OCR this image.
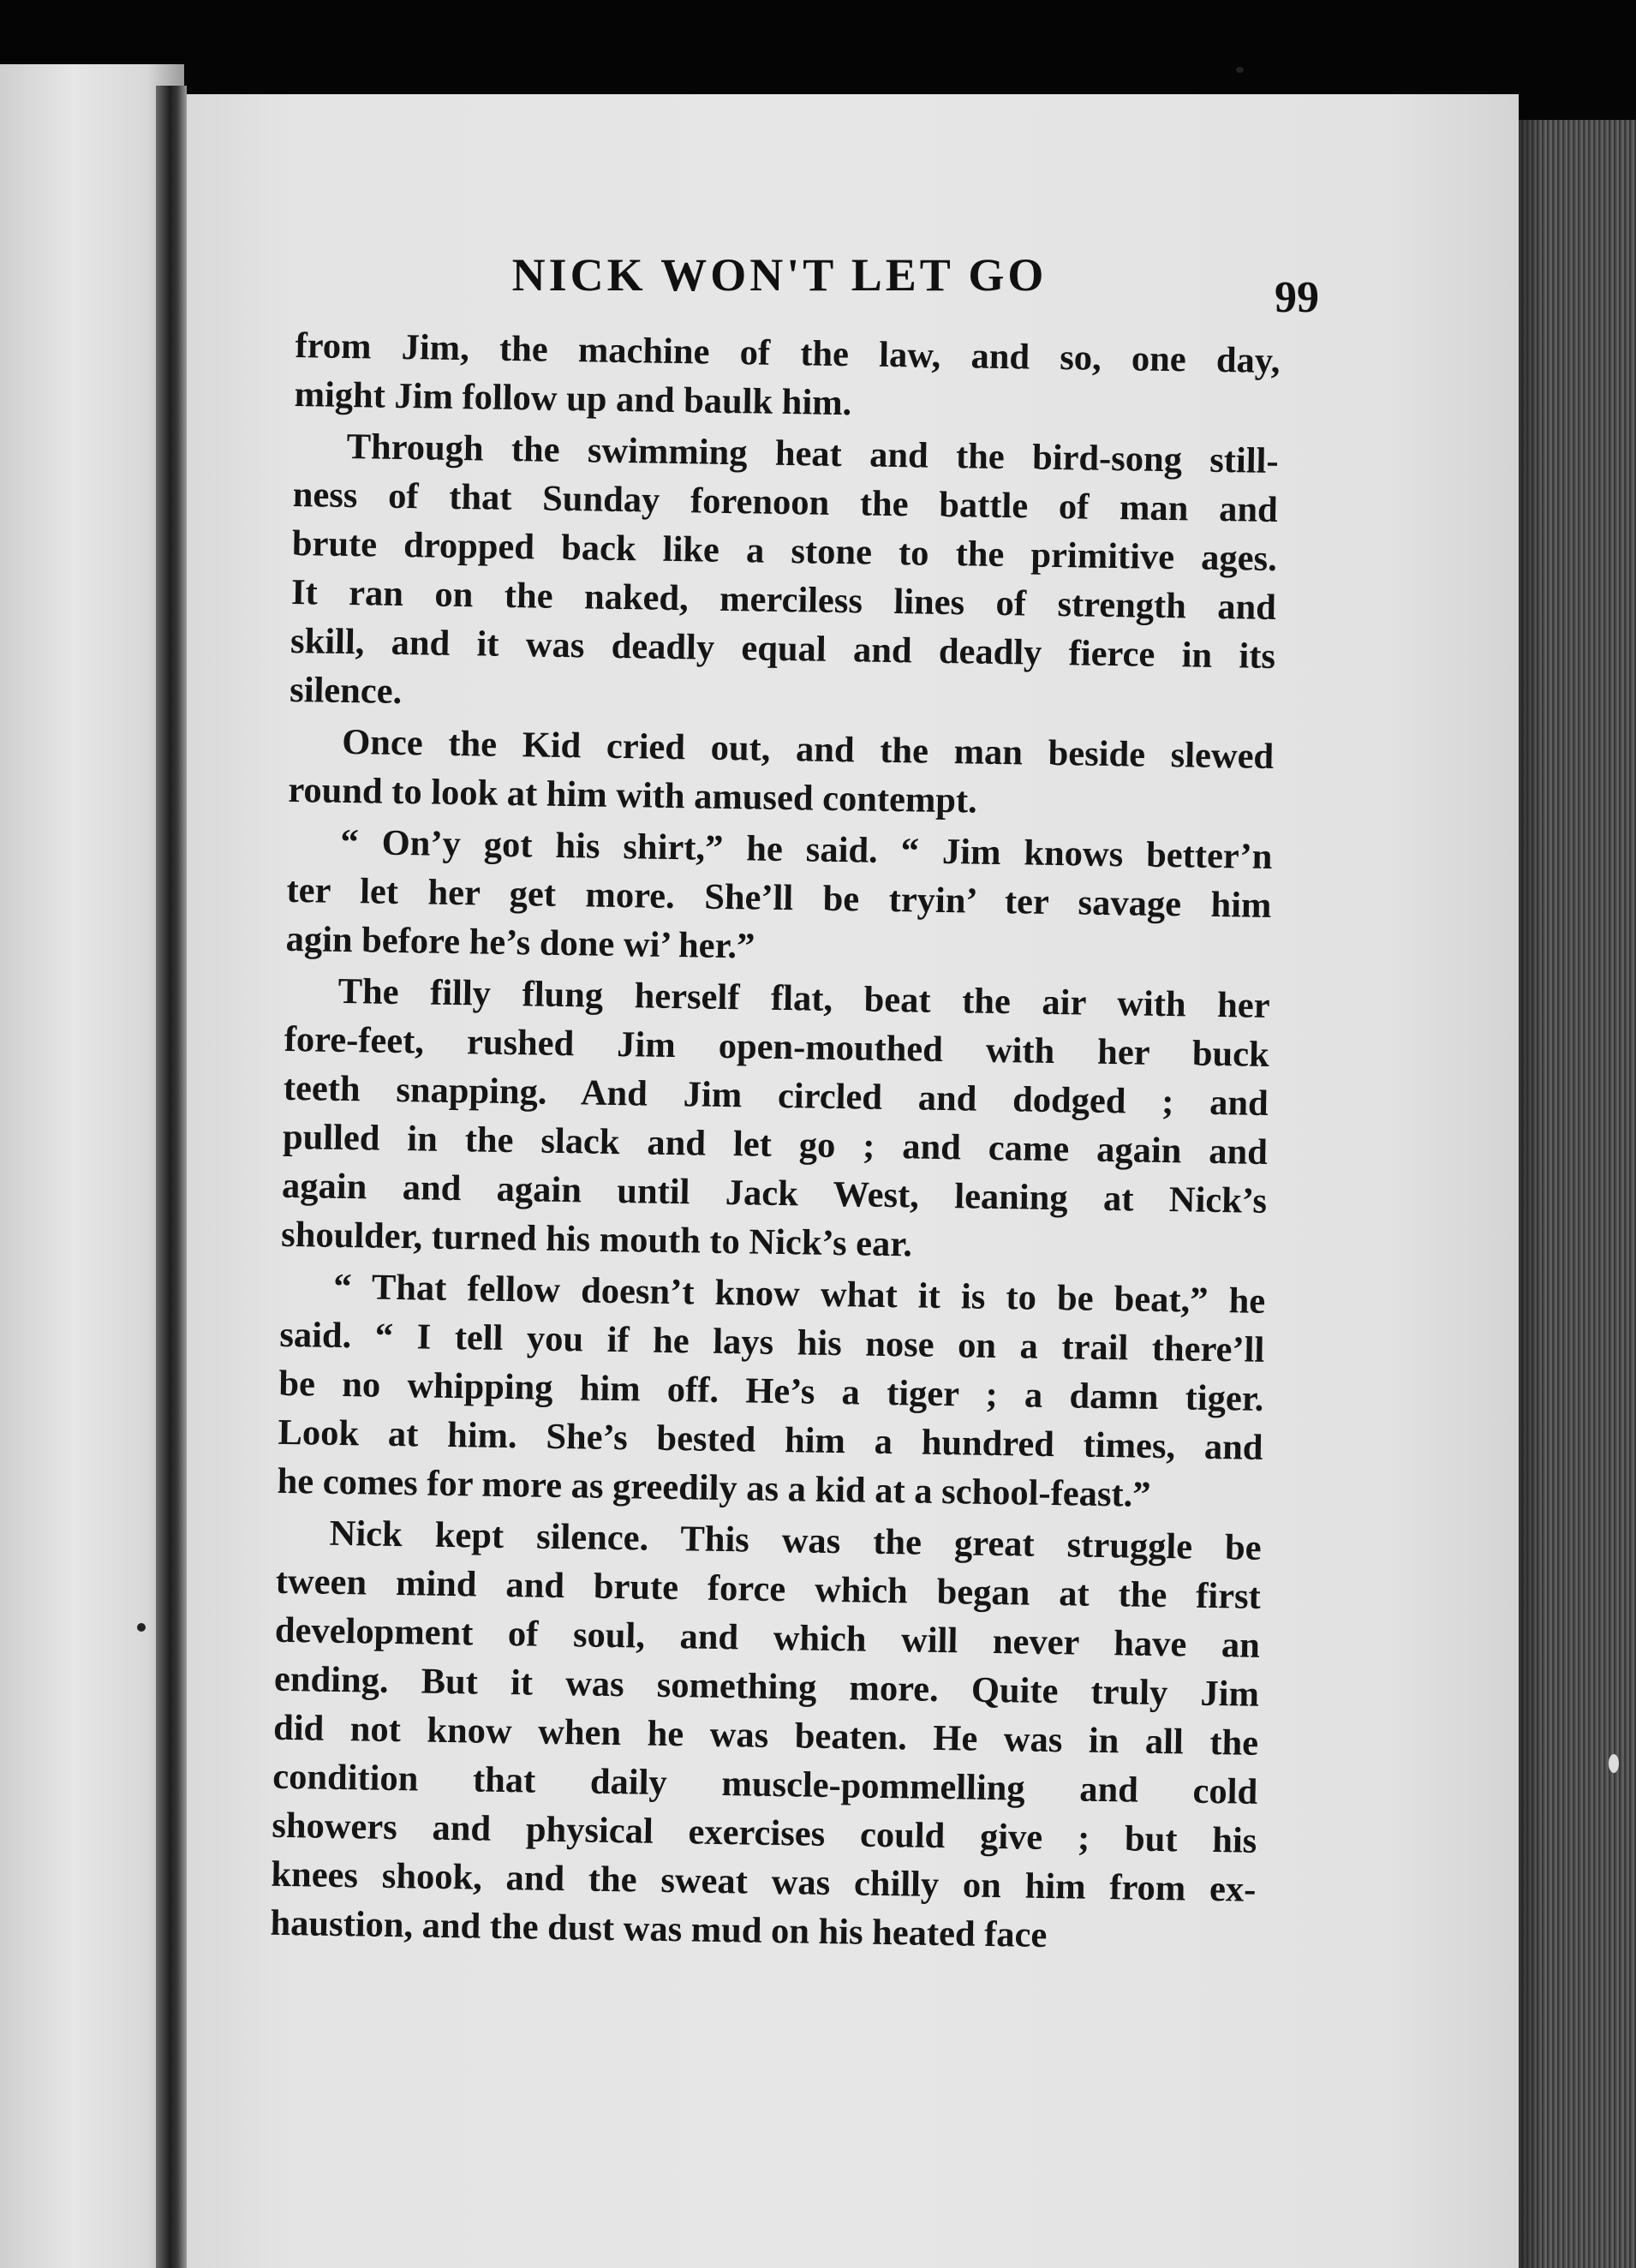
NICK WON'T LET GO	99
from Jim, the machine of the law, and so, one day,
might Jim follow up and baulk him.
Through the swimming heat and the bird-song still-
ness of that Sunday forenoon the battle of man and
brute dropped back like a stone to the primitive ages.
It ran on the naked, merciless lines of strength and
skill, and it was deadly equal and deadly fierce in its
silence.
Once the Kid cried out, and the man beside slewed
round to look at him with amused contempt.
“ On’y got his shirt,” he said. “ Jim knows better’n
ter let her get more. She’ll be tryin’ ter savage him
agin before he’s done wi’ her.”
The filly flung herself flat, beat the air with her
fore-feet, rushed Jim open-mouthed with her buck
teeth snapping. And Jim circled and dodged ; and
pulled in the slack and let go ; and came again and
again and again until Jack West, leaning at Nick’s
shoulder, turned his mouth to Nick’s ear.
“ That fellow doesn’t know what it is to be beat,” he
said. “ I tell you if he lays his nose on a trail there’ll
be no whipping him off. He’s a tiger ; a damn tiger.
Look at him. She’s bested him a hundred times, and
he comes for more as greedily as a kid at a school-feast.”
Nick kept silence. This was the great struggle be
tween mind and brute force which began at the first
development of soul, and which will never have an
ending. But it was something more. Quite truly Jim
did not know when he was beaten. He was in all the
condition that daily muscle-pommelling and cold
showers and physical exercises could give ; but his
knees shook, and the sweat was chilly on him from ex-
haustion, and the dust was mud on his heated face
